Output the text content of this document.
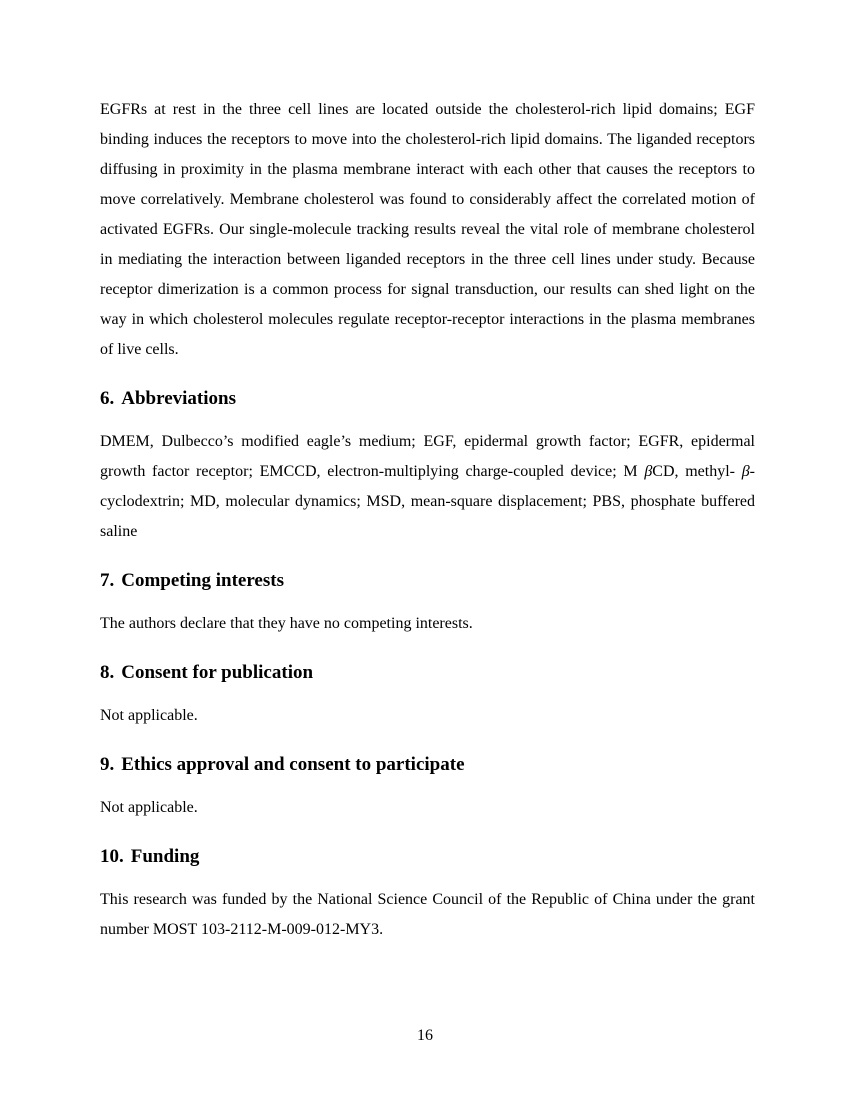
EGFRs at rest in the three cell lines are located outside the cholesterol-rich lipid domains; EGF binding induces the receptors to move into the cholesterol-rich lipid domains. The liganded receptors diffusing in proximity in the plasma membrane interact with each other that causes the receptors to move correlatively. Membrane cholesterol was found to considerably affect the correlated motion of activated EGFRs. Our single-molecule tracking results reveal the vital role of membrane cholesterol in mediating the interaction between liganded receptors in the three cell lines under study. Because receptor dimerization is a common process for signal transduction, our results can shed light on the way in which cholesterol molecules regulate receptor-receptor interactions in the plasma membranes of live cells.

6. Abbreviations

DMEM, Dulbecco’s modified eagle’s medium; EGF, epidermal growth factor; EGFR, epidermal growth factor receptor; EMCCD, electron-multiplying charge-coupled device; M βCD, methyl- β-cyclodextrin; MD, molecular dynamics; MSD, mean-square displacement; PBS, phosphate buffered saline

7. Competing interests

The authors declare that they have no competing interests.

8. Consent for publication

Not applicable.

9. Ethics approval and consent to participate

Not applicable.

10. Funding

This research was funded by the National Science Council of the Republic of China under the grant number MOST 103-2112-M-009-012-MY3.

16
